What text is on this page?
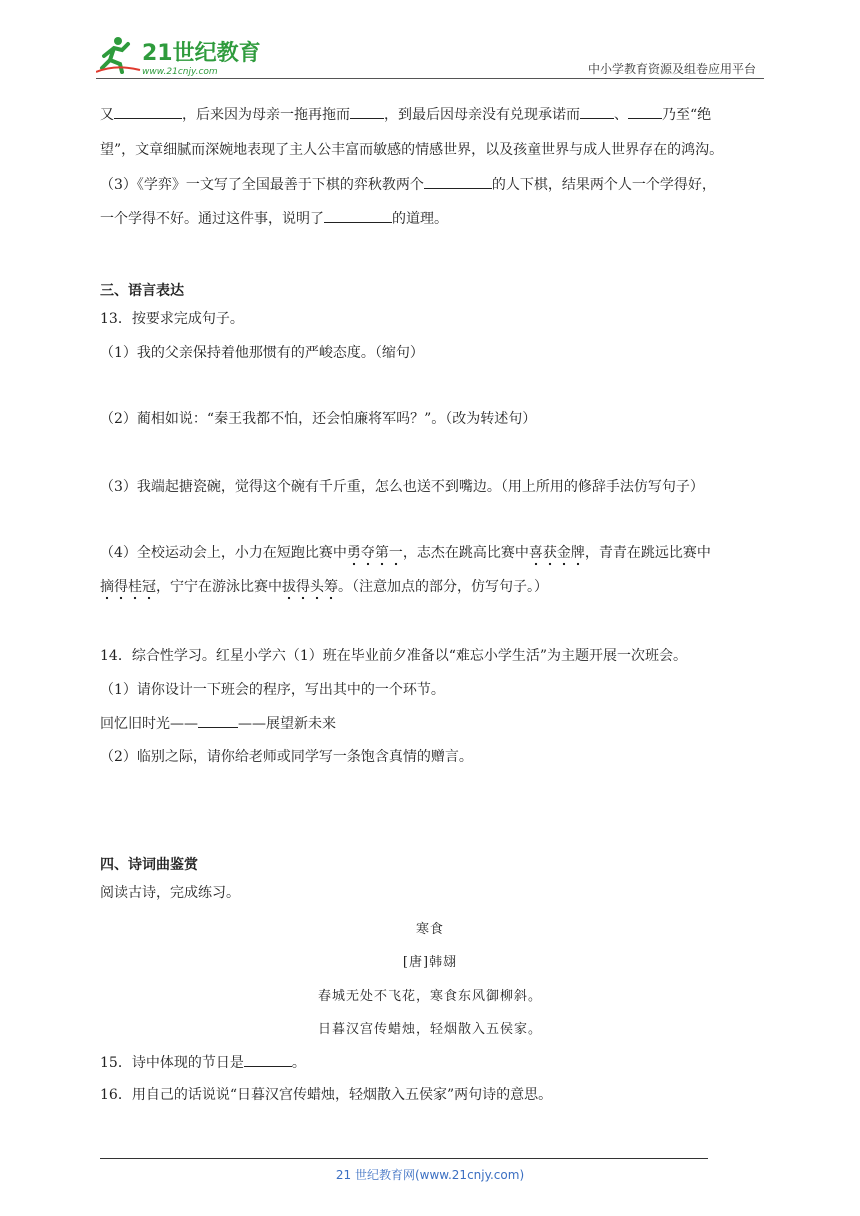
21世纪教育
www.21cnjy.com	中小学教育资源及组卷应用平台
又	，后来因为母亲一拖再拖而 ，到最后因母亲没有兑现承诺而 、 乃至“绝
望”，文章细腻而深婉地表现了主人公丰富而敏感的情感世界，以及孩童世界与成人世界存在的鸿沟。
（3）《学弈》一文写了全国最善于下棋的弈秋教两个	的人下棋，结果两个人一个学得好，
一个学得不好。通过这件事，说明了	的道理。
三、语言表达
13．按要求完成句子。
（1）我的父亲保持着他那惯有的严峻态度。（缩句）
（2）蔺相如说：“秦王我都不怕，还会怕廉将军吗？”。（改为转述句）
（3）我端起搪瓷碗，觉得这个碗有千斤重，怎么也送不到嘴边。（用上所用的修辞手法仿写句子）
（4）全校运动会上，小力在短跑比赛中勇夺第一，志杰在跳高比赛中喜获金牌，青青在跳远比赛中
摘得桂冠，宁宁在游泳比赛中拔得头筹。（注意加点的部分，仿写句子。）
14．综合性学习。红星小学六（1）班在毕业前夕准备以“难忘小学生活”为主题开展一次班会。
（1）请你设计一下班会的程序，写出其中的一个环节。
回忆旧时光——	——展望新未来
（2）临别之际，请你给老师或同学写一条饱含真情的赠言。
四、诗词曲鉴赏
阅读古诗，完成练习。
寒食
[唐]韩翃
春城无处不飞花，寒食东风御柳斜。
日暮汉宫传蜡烛，轻烟散入五侯家。
15．诗中体现的节日是	。
16．用自己的话说说“日暮汉宫传蜡烛，轻烟散入五侯家”两句诗的意思。
21 世纪教育网(www.21cnjy.com)
